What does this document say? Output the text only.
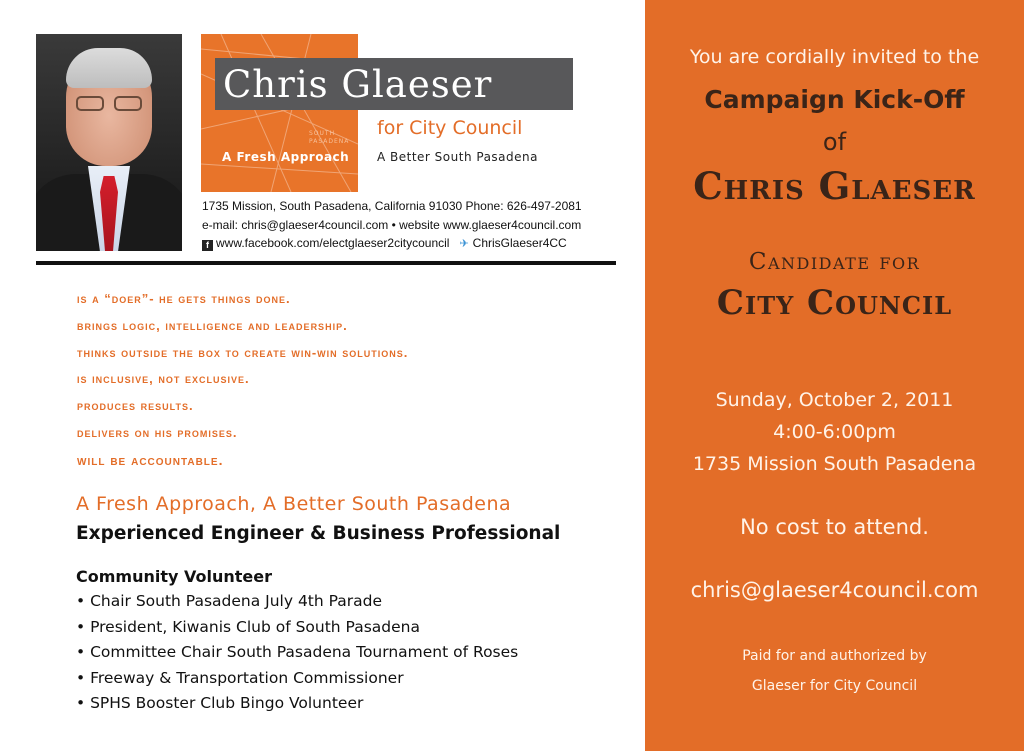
SOUTH PASADENA
Chris Glaeser
for City Council
A Fresh Approach A Better South Pasadena
1735 Mission, South Pasadena, California 91030 Phone: 626-497-2081
e-mail: chris@glaeser4council.com • website www.glaeser4council.com
f www.facebook.com/electglaeser2citycouncil ✈ ChrisGlaeser4CC
is a “doer”- he gets things done.
brings logic, intelligence and leadership.
thinks outside the box to create win-win solutions.
is inclusive, not exclusive.
produces results.
delivers on his promises.
will be accountable.
A Fresh Approach, A Better South Pasadena
Experienced Engineer & Business Professional
Community Volunteer
• Chair South Pasadena July 4th Parade
• President, Kiwanis Club of South Pasadena
• Committee Chair South Pasadena Tournament of Roses
• Freeway & Transportation Commissioner
• SPHS Booster Club Bingo Volunteer
You are cordially invited to the
Campaign Kick-Off
of
Chris Glaeser
Candidate for
City Council
Sunday, October 2, 2011
4:00-6:00pm
1735 Mission South Pasadena
No cost to attend.
chris@glaeser4council.com
Paid for and authorized by
Glaeser for City Council
